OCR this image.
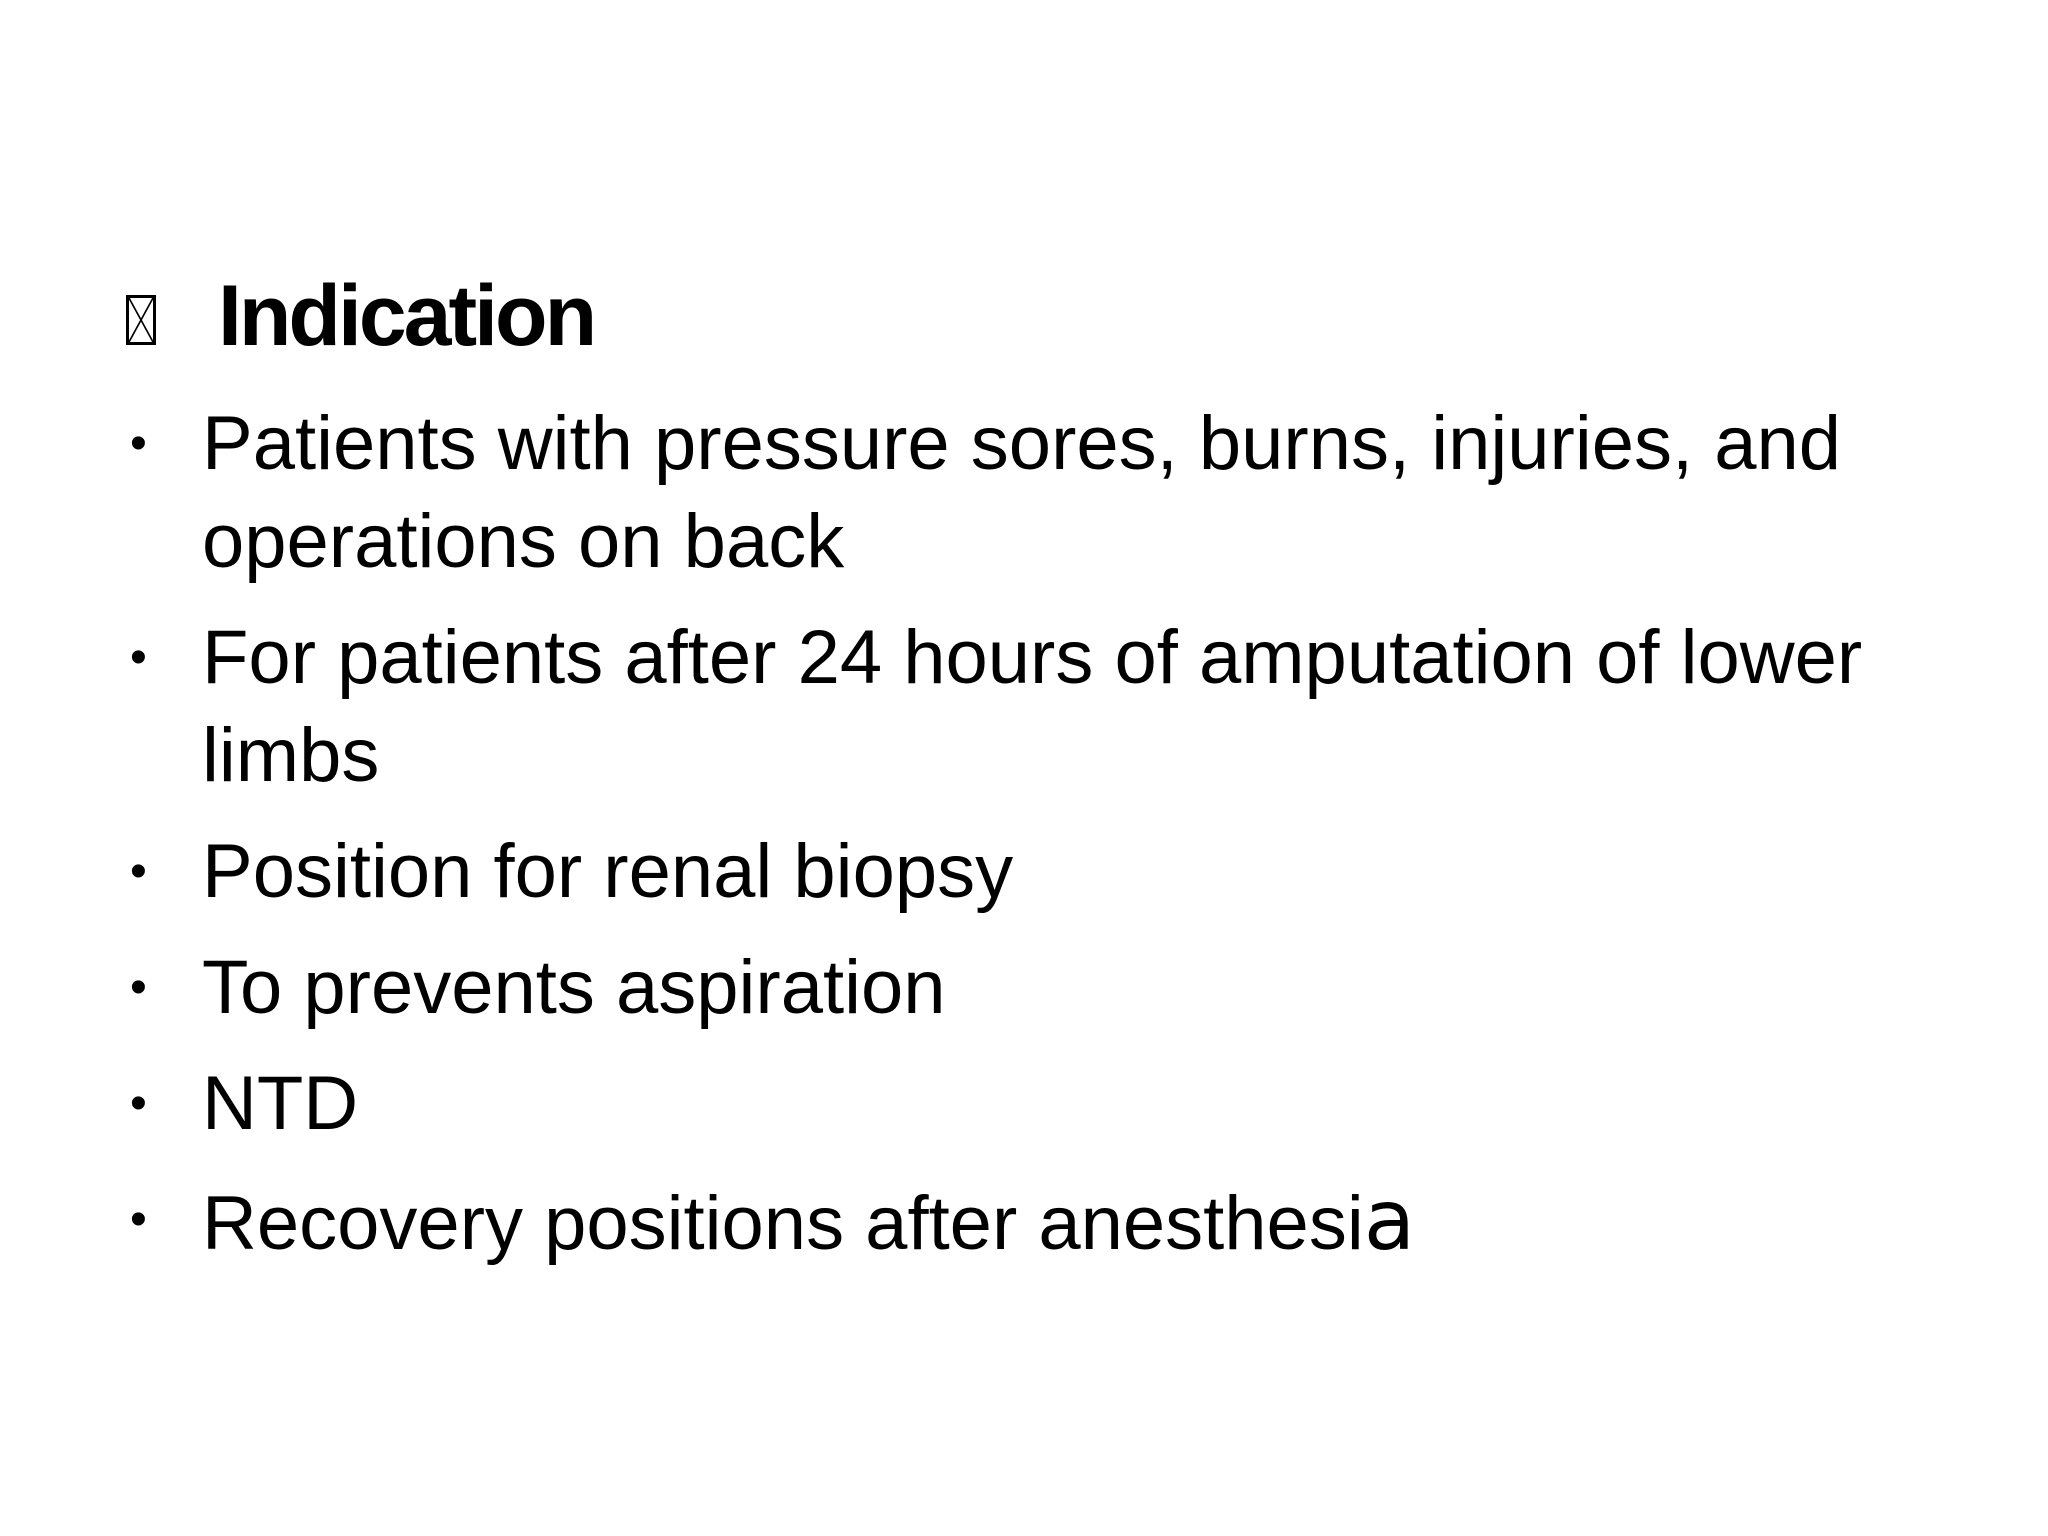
Indication
• Patients with pressure sores, burns, injuries, and operations on back
• For patients after 24 hours of amputation of lower limbs
• Position for renal biopsy
• To prevents aspiration
• NTD
• Recovery positions after anesthesia
